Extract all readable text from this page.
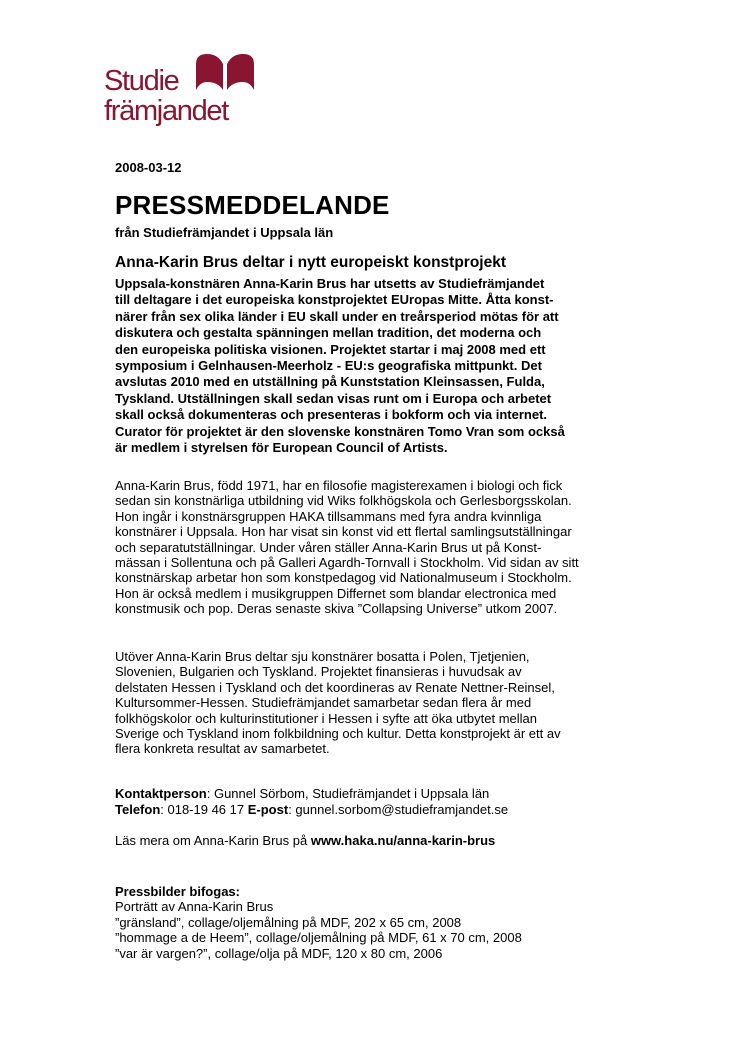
Studie
främjandet
2008-03-12
PRESSMEDDELANDE
från Studiefrämjandet i Uppsala län
Anna-Karin Brus deltar i nytt europeiskt konstprojekt

Uppsala-konstnären Anna-Karin Brus har utsetts av Studiefrämjandet
till deltagare i det europeiska konstprojektet EUropas Mitte. Åtta konst-
närer från sex olika länder i EU skall under en treårsperiod mötas för att
diskutera och gestalta spänningen mellan tradition, det moderna och
den europeiska politiska visionen. Projektet startar i maj 2008 med ett
symposium i Gelnhausen-Meerholz - EU:s geografiska mittpunkt. Det
avslutas 2010 med en utställning på Kunststation Kleinsassen, Fulda,
Tyskland. Utställningen skall sedan visas runt om i Europa och arbetet
skall också dokumenteras och presenteras i bokform och via internet.
Curator för projektet är den slovenske konstnären Tomo Vran som också
är medlem i styrelsen för European Council of Artists.

Anna-Karin Brus, född 1971, har en filosofie magisterexamen i biologi och fick
sedan sin konstnärliga utbildning vid Wiks folkhögskola och Gerlesborgsskolan.
Hon ingår i konstnärsgruppen HAKA tillsammans med fyra andra kvinnliga
konstnärer i Uppsala. Hon har visat sin konst vid ett flertal samlingsutställningar
och separatutställningar. Under våren ställer Anna-Karin Brus ut på Konst-
mässan i Sollentuna och på Galleri Agardh-Tornvall i Stockholm. Vid sidan av sitt
konstnärskap arbetar hon som konstpedagog vid Nationalmuseum i Stockholm.
Hon är också medlem i musikgruppen Differnet som blandar electronica med
konstmusik och pop. Deras senaste skiva ”Collapsing Universe” utkom 2007.

Utöver Anna-Karin Brus deltar sju konstnärer bosatta i Polen, Tjetjenien,
Slovenien, Bulgarien och Tyskland. Projektet finansieras i huvudsak av
delstaten Hessen i Tyskland och det koordineras av Renate Nettner-Reinsel,
Kultursommer-Hessen. Studiefrämjandet samarbetar sedan flera år med
folkhögskolor och kulturinstitutioner i Hessen i syfte att öka utbytet mellan
Sverige och Tyskland inom folkbildning och kultur. Detta konstprojekt är ett av
flera konkreta resultat av samarbetet.

Kontaktperson: Gunnel Sörbom, Studiefrämjandet i Uppsala län
Telefon: 018-19 46 17 E-post: gunnel.sorbom@studieframjandet.se
Läs mera om Anna-Karin Brus på www.haka.nu/anna-karin-brus
Pressbilder bifogas:
Porträtt av Anna-Karin Brus
”gränsland”, collage/oljemålning på MDF, 202 x 65 cm, 2008
”hommage a de Heem”, collage/oljemålning på MDF, 61 x 70 cm, 2008
”var är vargen?”, collage/olja på MDF, 120 x 80 cm, 2006
